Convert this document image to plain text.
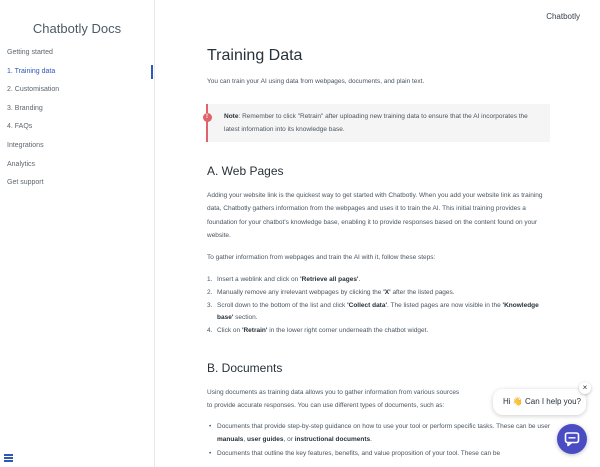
Chatbotly Docs
Getting started
1. Training data
2. Customisation
3. Branding
4. FAQs
Integrations
Analytics
Get support
Chatbotly
Training Data

You can train your AI using data from webpages, documents, and plain text.

!	Note: Remember to click "Retrain" after uploading new training data to ensure that the AI incorporates the latest information into its knowledge base.
A. Web Pages

Adding your website link is the quickest way to get started with Chatbotly. When you add your website link as training data, Chatbotly gathers information from the webpages and uses it to train the AI. This initial training provides a foundation for your chatbot's knowledge base, enabling it to provide responses based on the content found on your website.

To gather information from webpages and train the AI with it, follow these steps:

1. Insert a weblink and click on 'Retrieve all pages'.
2. Manually remove any irrelevant webpages by clicking the 'X' after the listed pages.
3. Scroll down to the bottom of the list and click 'Collect data'. The listed pages are now visible in the 'Knowledge base' section.
4. Click on 'Retrain' in the lower right corner underneath the chatbot widget.
B. Documents

Using documents as training data allows you to gather information from various sources

to provide accurate responses. You can use different types of documents, such as:

• Documents that provide step-by-step guidance on how to use your tool or perform specific tasks. These can be user manuals, user guides, or instructional documents.
• Documents that outline the key features, benefits, and value proposition of your tool. These can be
Hi 👋 Can I help you?
×
